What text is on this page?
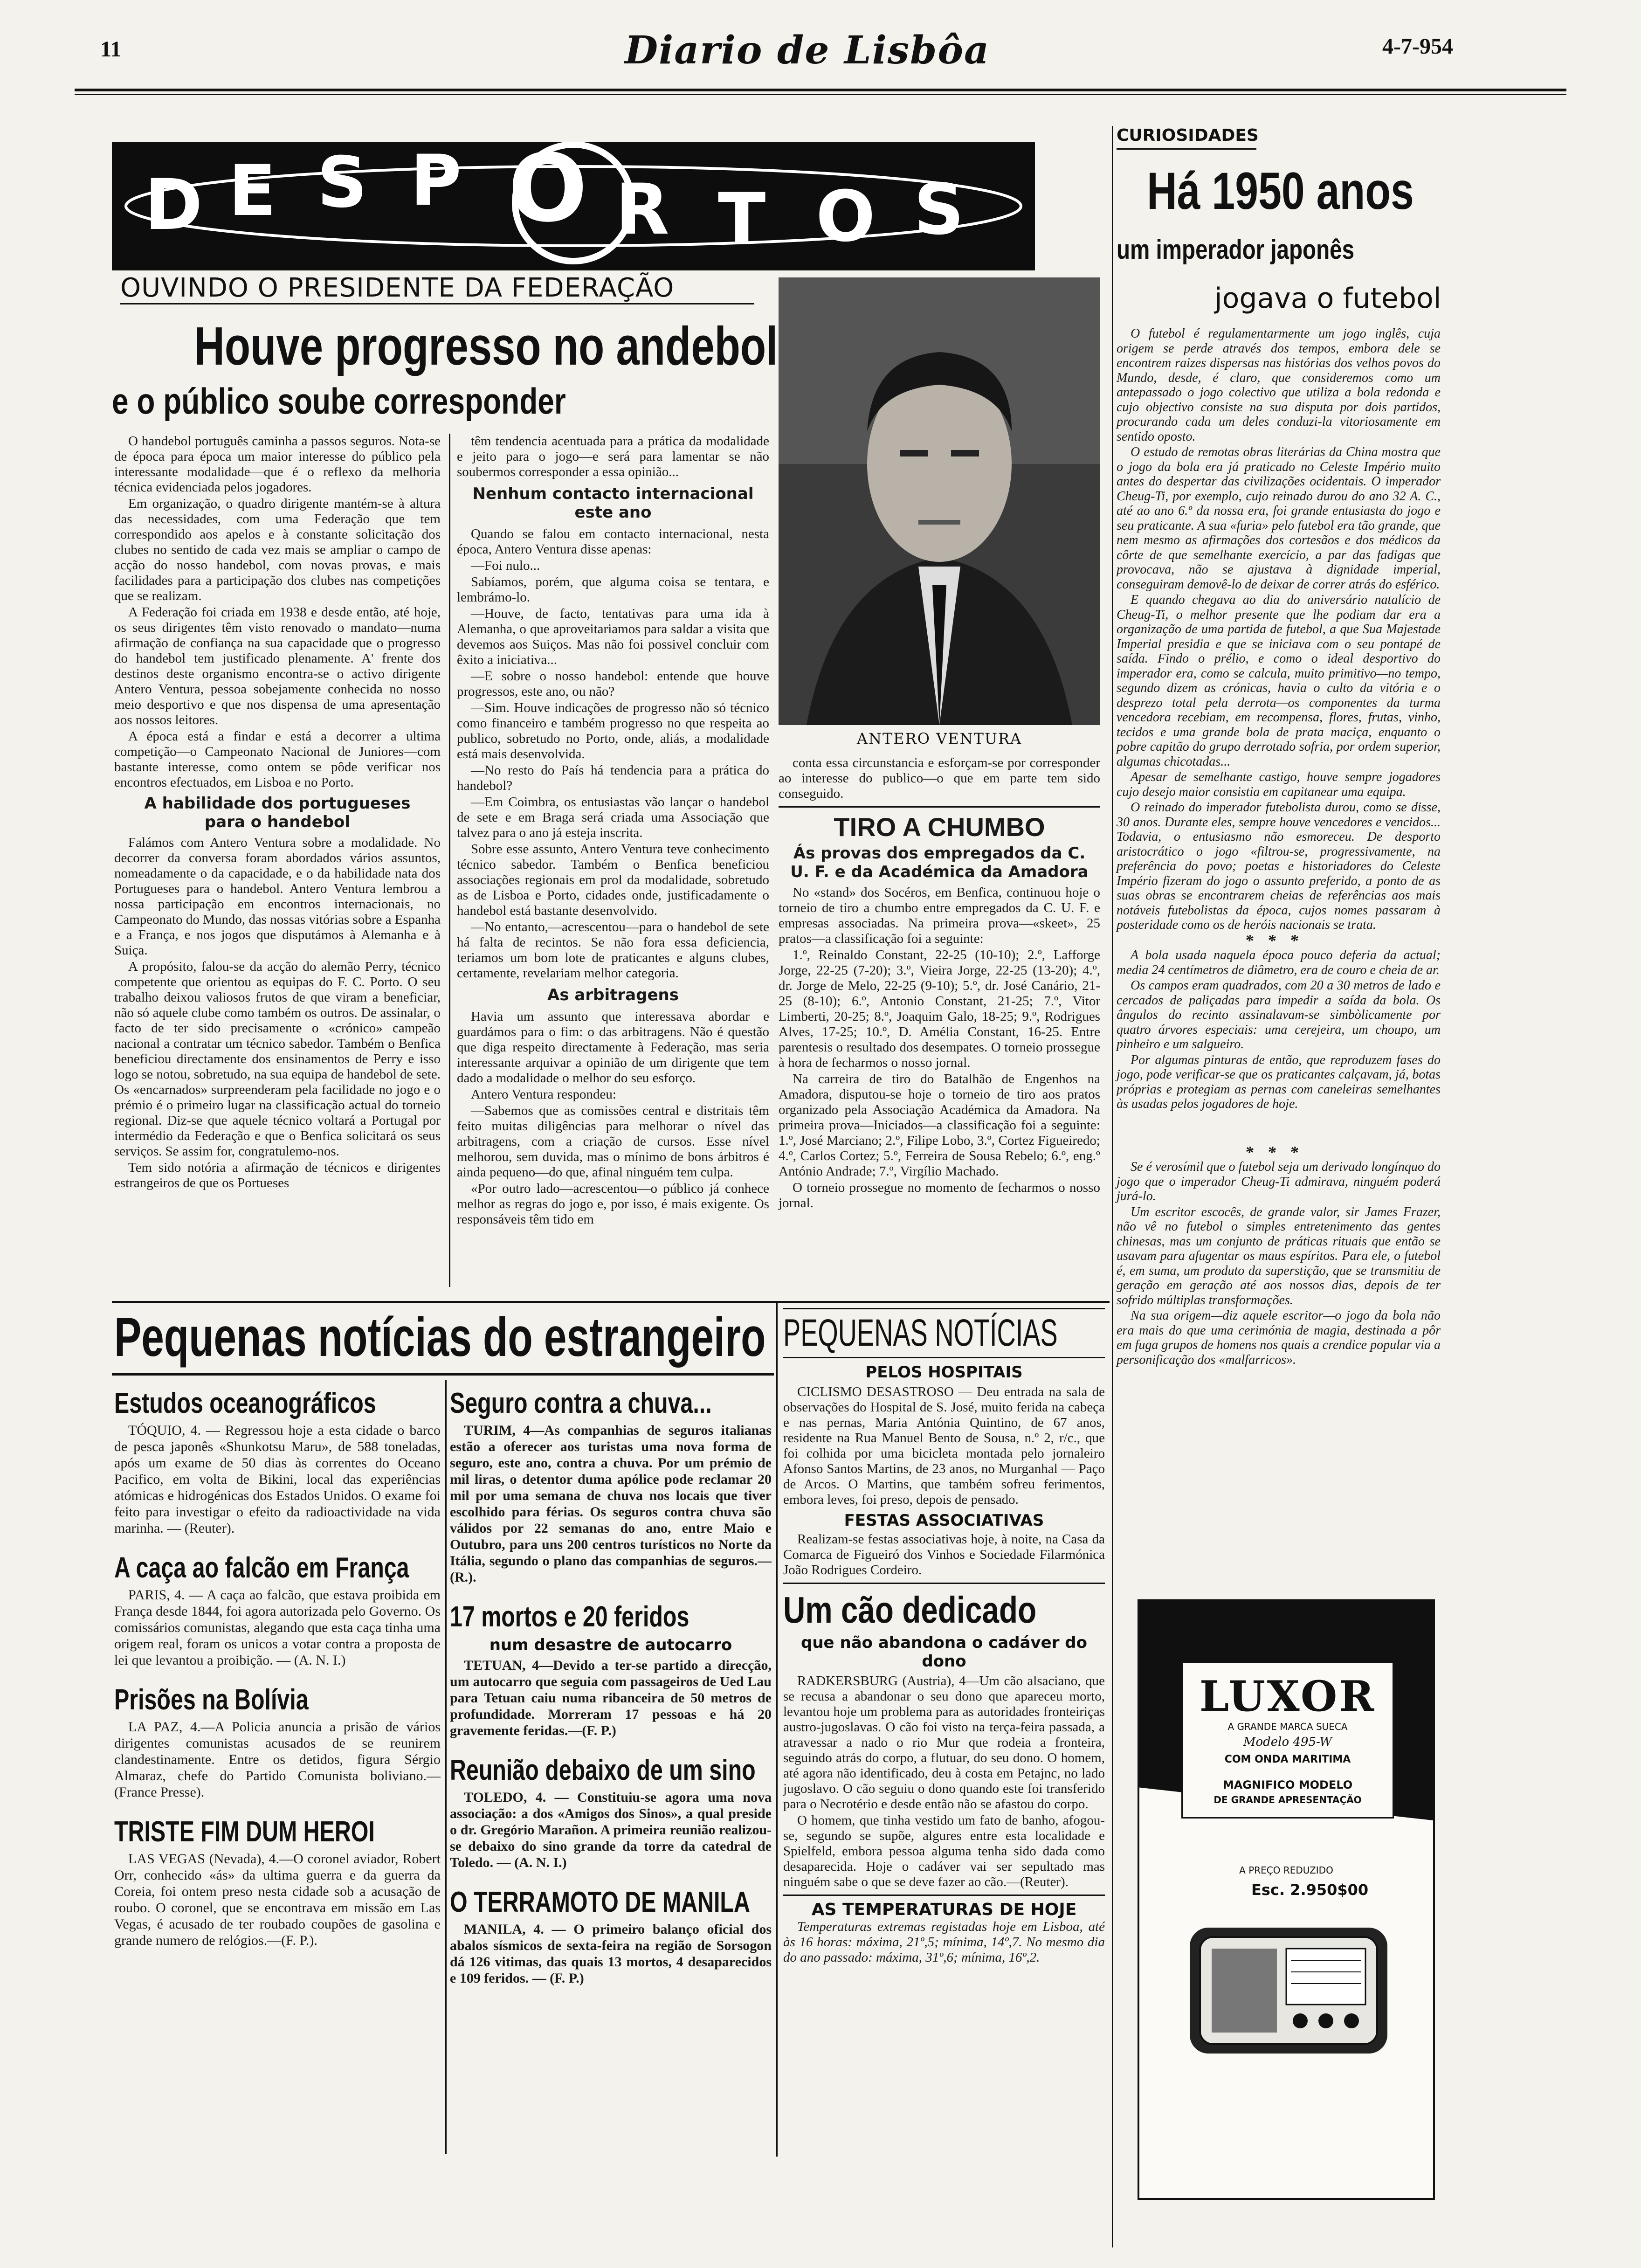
11	Diario de Lisbôa	4-7-954
D E S P O R T O S
OUVINDO O PRESIDENTE DA FEDERAÇÃO
Houve progresso no andebol
e o público soube corresponder

O handebol português caminha a passos seguros. Nota-se de época para época um maior interesse do público pela interessante modalidade—que é o reflexo da melhoria técnica evidenciada pelos jogadores.

Em organização, o quadro dirigente mantém-se à altura das necessidades, com uma Federação que tem correspondido aos apelos e à constante solicitação dos clubes no sentido de cada vez mais se ampliar o campo de acção do nosso handebol, com novas provas, e mais facilidades para a participação dos clubes nas competições que se realizam.

A Federação foi criada em 1938 e desde então, até hoje, os seus dirigentes têm visto renovado o mandato—numa afirmação de confiança na sua capacidade que o progresso do handebol tem justificado plenamente. A' frente dos destinos deste organismo encontra-se o activo dirigente Antero Ventura, pessoa sobejamente conhecida no nosso meio desportivo e que nos dispensa de uma apresentação aos nossos leitores.

A época está a findar e está a decorrer a ultima competição—o Campeonato Nacional de Juniores—com bastante interesse, como ontem se pôde verificar nos encontros efectuados, em Lisboa e no Porto.

A habilidade dos portugueses para o handebol

Falámos com Antero Ventura sobre a modalidade. No decorrer da conversa foram abordados vários assuntos, nomeadamente o da capacidade, e o da habilidade nata dos Portugueses para o handebol. Antero Ventura lembrou a nossa participação em encontros internacionais, no Campeonato do Mundo, das nossas vitórias sobre a Espanha e a França, e nos jogos que disputámos à Alemanha e à Suiça.

A propósito, falou-se da acção do alemão Perry, técnico competente que orientou as equipas do F. C. Porto. O seu trabalho deixou valiosos frutos de que viram a beneficiar, não só aquele clube como também os outros. De assinalar, o facto de ter sido precisamente o «crónico» campeão nacional a contratar um técnico sabedor. Também o Benfica beneficiou directamente dos ensinamentos de Perry e isso logo se notou, sobretudo, na sua equipa de handebol de sete. Os «encarnados» surpreenderam pela facilidade no jogo e o prémio é o primeiro lugar na classificação actual do torneio regional. Diz-se que aquele técnico voltará a Portugal por intermédio da Federação e que o Benfica solicitará os seus serviços. Se assim for, congratulemo-nos.

Tem sido notória a afirmação de técnicos e dirigentes estrangeiros de que os Portueses

têm tendencia acentuada para a prática da modalidade e jeito para o jogo—e será para lamentar se não soubermos corresponder a essa opinião...

Nenhum contacto internacional este ano

Quando se falou em contacto internacional, nesta época, Antero Ventura disse apenas:

—Foi nulo...

Sabíamos, porém, que alguma coisa se tentara, e lembrámo-lo.

—Houve, de facto, tentativas para uma ida à Alemanha, o que aproveitariamos para saldar a visita que devemos aos Suiços. Mas não foi possivel concluir com êxito a iniciativa...

—E sobre o nosso handebol: entende que houve progressos, este ano, ou não?

—Sim. Houve indicações de progresso não só técnico como financeiro e também progresso no que respeita ao publico, sobretudo no Porto, onde, aliás, a modalidade está mais desenvolvida.

—No resto do País há tendencia para a prática do handebol?

—Em Coimbra, os entusiastas vão lançar o handebol de sete e em Braga será criada uma Associação que talvez para o ano já esteja inscrita.

Sobre esse assunto, Antero Ventura teve conhecimento técnico sabedor. Também o Benfica beneficiou associações regionais em prol da modalidade, sobretudo as de Lisboa e Porto, cidades onde, justificadamente o handebol está bastante desenvolvido.

—No entanto,—acrescentou—para o handebol de sete há falta de recintos. Se não fora essa deficiencia, teriamos um bom lote de praticantes e alguns clubes, certamente, revelariam melhor categoria.

As arbitragens

Havia um assunto que interessava abordar e guardámos para o fim: o das arbitragens. Não é questão que diga respeito directamente à Federação, mas seria interessante arquivar a opinião de um dirigente que tem dado a modalidade o melhor do seu esforço.

Antero Ventura respondeu:

—Sabemos que as comissões central e distritais têm feito muitas diligências para melhorar o nível das arbitragens, com a criação de cursos. Esse nível melhorou, sem duvida, mas o mínimo de bons árbitros é ainda pequeno—do que, afinal ninguém tem culpa.

«Por outro lado—acrescentou—o público já conhece melhor as regras do jogo e, por isso, é mais exigente. Os responsáveis têm tido em

ANTERO VENTURA

conta essa circunstancia e esforçam-se por corresponder ao interesse do publico—o que em parte tem sido conseguido.

TIRO A CHUMBO
Ás provas dos empregados da C. U. F. e da Académica da Amadora

No «stand» dos Socéros, em Benfica, continuou hoje o torneio de tiro a chumbo entre empregados da C. U. F. e empresas associadas. Na primeira prova—«skeet», 25 pratos—a classificação foi a seguinte:

1.º, Reinaldo Constant, 22-25 (10-10); 2.º, Lafforge Jorge, 22-25 (7-20); 3.º, Vieira Jorge, 22-25 (13-20); 4.º, dr. Jorge de Melo, 22-25 (9-10); 5.º, dr. José Canário, 21-25 (8-10); 6.º, Antonio Constant, 21-25; 7.º, Vitor Limberti, 20-25; 8.º, Joaquim Galo, 18-25; 9.º, Rodrigues Alves, 17-25; 10.º, D. Amélia Constant, 16-25. Entre parentesis o resultado dos desempates. O torneio prossegue à hora de fecharmos o nosso jornal.

Na carreira de tiro do Batalhão de Engenhos na Amadora, disputou-se hoje o torneio de tiro aos pratos organizado pela Associação Académica da Amadora. Na primeira prova—Iniciados—a classificação foi a seguinte: 1.º, José Marciano; 2.º, Filipe Lobo, 3.º, Cortez Figueiredo; 4.º, Carlos Cortez; 5.º, Ferreira de Sousa Rebelo; 6.º, eng.º António Andrade; 7.º, Virgílio Machado.

O torneio prossegue no momento de fecharmos o nosso jornal.

CURIOSIDADES
Há 1950 anos
um imperador japonês
jogava o futebol

O futebol é regulamentarmente um jogo inglês, cuja origem se perde através dos tempos, embora dele se encontrem raizes dispersas nas histórias dos velhos povos do Mundo, desde, é claro, que consideremos como um antepassado o jogo colectivo que utiliza a bola redonda e cujo objectivo consiste na sua disputa por dois partidos, procurando cada um deles conduzi-la vitoriosamente em sentido oposto.

O estudo de remotas obras literárias da China mostra que o jogo da bola era já praticado no Celeste Império muito antes do despertar das civilizações ocidentais. O imperador Cheug-Ti, por exemplo, cujo reinado durou do ano 32 A. C., até ao ano 6.º da nossa era, foi grande entusiasta do jogo e seu praticante. A sua «furia» pelo futebol era tão grande, que nem mesmo as afirmações dos cortesãos e dos médicos da côrte de que semelhante exercício, a par das fadigas que provocava, não se ajustava à dignidade imperial, conseguiram demovê-lo de deixar de correr atrás do esférico.

E quando chegava ao dia do aniversário natalício de Cheug-Ti, o melhor presente que lhe podiam dar era a organização de uma partida de futebol, a que Sua Majestade Imperial presidia e que se iniciava com o seu pontapé de saída. Findo o prélio, e como o ideal desportivo do imperador era, como se calcula, muito primitivo—no tempo, segundo dizem as crónicas, havia o culto da vitória e o desprezo total pela derrota—os componentes da turma vencedora recebiam, em recompensa, flores, frutas, vinho, tecidos e uma grande bola de prata maciça, enquanto o pobre capitão do grupo derrotado sofria, por ordem superior, algumas chicotadas...

Apesar de semelhante castigo, houve sempre jogadores cujo desejo maior consistia em capitanear uma equipa.

O reinado do imperador futebolista durou, como se disse, 30 anos. Durante eles, sempre houve vencedores e vencidos... Todavia, o entusiasmo não esmoreceu. De desporto aristocrático o jogo «filtrou-se, progressivamente, na preferência do povo; poetas e historiadores do Celeste Império fizeram do jogo o assunto preferido, a ponto de as suas obras se encontrarem cheias de referências aos mais notáveis futebolistas da época, cujos nomes passaram à posteridade como os de heróis nacionais se trata.

***

A bola usada naquela época pouco deferia da actual; media 24 centímetros de diâmetro, era de couro e cheia de ar.

Os campos eram quadrados, com 20 a 30 metros de lado e cercados de paliçadas para impedir a saída da bola. Os ângulos do recinto assinalavam-se simbòlicamente por quatro árvores especiais: uma cerejeira, um choupo, um pinheiro e um salgueiro.

Por algumas pinturas de então, que reproduzem fases do jogo, pode verificar-se que os praticantes calçavam, já, botas próprias e protegiam as pernas com caneleiras semelhantes às usadas pelos jogadores de hoje.

***

Se é verosímil que o futebol seja um derivado longínquo do jogo que o imperador Cheug-Ti admirava, ninguém poderá jurá-lo.

Um escritor escocês, de grande valor, sir James Frazer, não vê no futebol o simples entretenimento das gentes chinesas, mas um conjunto de práticas rituais que então se usavam para afugentar os maus espíritos. Para ele, o futebol é, em suma, um produto da superstição, que se transmitiu de geração em geração até aos nossos dias, depois de ter sofrido múltiplas transformações.

Na sua origem—diz aquele escritor—o jogo da bola não era mais do que uma cerimónia de magia, destinada a pôr em fuga grupos de homens nos quais a crendice popular via a personificação dos «malfarricos».

LUXOR
A GRANDE MARCA SUECA
Modelo 495-W
COM ONDA MARITIMA
MAGNIFICO MODELO
DE GRANDE APRESENTAÇÃO
A PREÇO REDUZIDO
Esc. 2.950$00
Pequenas notícias do estrangeiro
Estudos oceanográficos

TÓQUIO, 4. — Regressou hoje a esta cidade o barco de pesca japonês «Shunkotsu Maru», de 588 toneladas, após um exame de 50 dias às correntes do Oceano Pacifico, em volta de Bikini, local das experiências atómicas e hidrogénicas dos Estados Unidos. O exame foi feito para investigar o efeito da radioactividade na vida marinha. — (Reuter).

A caça ao falcão em França

PARIS, 4. — A caça ao falcão, que estava proibida em França desde 1844, foi agora autorizada pelo Governo. Os comissários comunistas, alegando que esta caça tinha uma origem real, foram os unicos a votar contra a proposta de lei que levantou a proibição. — (A. N. I.)

Prisões na Bolívia

LA PAZ, 4.—A Policia anuncia a prisão de vários dirigentes comunistas acusados de se reunirem clandestinamente. Entre os detidos, figura Sérgio Almaraz, chefe do Partido Comunista boliviano.—(France Presse).

TRISTE FIM DUM HEROI

LAS VEGAS (Nevada), 4.—O coronel aviador, Robert Orr, conhecido «ás» da ultima guerra e da guerra da Coreia, foi ontem preso nesta cidade sob a acusação de roubo. O coronel, que se encontrava em missão em Las Vegas, é acusado de ter roubado coupões de gasolina e grande numero de relógios.—(F. P.).

Seguro contra a chuva...

TURIM, 4—As companhias de seguros italianas estão a oferecer aos turistas uma nova forma de seguro, este ano, contra a chuva. Por um prémio de mil liras, o detentor duma apólice pode reclamar 20 mil por uma semana de chuva nos locais que tiver escolhido para férias. Os seguros contra chuva são válidos por 22 semanas do ano, entre Maio e Outubro, para uns 200 centros turísticos no Norte da Itália, segundo o plano das companhias de seguros.—(R.).

17 mortos e 20 feridos
num desastre de autocarro

TETUAN, 4—Devido a ter-se partido a direcção, um autocarro que seguia com passageiros de Ued Lau para Tetuan caiu numa ribanceira de 50 metros de profundidade. Morreram 17 pessoas e há 20 gravemente feridas.—(F. P.)

Reunião debaixo de um sino

TOLEDO, 4. — Constituiu-se agora uma nova associação: a dos «Amigos dos Sinos», a qual preside o dr. Gregório Marañon. A primeira reunião realizou-se debaixo do sino grande da torre da catedral de Toledo. — (A. N. I.)

O TERRAMOTO DE MANILA

MANILA, 4. — O primeiro balanço oficial dos abalos sísmicos de sexta-feira na região de Sorsogon dá 126 vitimas, das quais 13 mortos, 4 desaparecidos e 109 feridos. — (F. P.)

PEQUENAS NOTÍCIAS
PELOS HOSPITAIS

CICLISMO DESASTROSO — Deu entrada na sala de observações do Hospital de S. José, muito ferida na cabeça e nas pernas, Maria Antónia Quintino, de 67 anos, residente na Rua Manuel Bento de Sousa, n.º 2, r/c., que foi colhida por uma bicicleta montada pelo jornaleiro Afonso Santos Martins, de 23 anos, no Murganhal — Paço de Arcos. O Martins, que também sofreu ferimentos, embora leves, foi preso, depois de pensado.

FESTAS ASSOCIATIVAS

Realizam-se festas associativas hoje, à noite, na Casa da Comarca de Figueiró dos Vinhos e Sociedade Filarmónica João Rodrigues Cordeiro.

Um cão dedicado
que não abandona o cadáver do dono

RADKERSBURG (Austria), 4—Um cão alsaciano, que se recusa a abandonar o seu dono que apareceu morto, levantou hoje um problema para as autoridades fronteiriças austro-jugoslavas. O cão foi visto na terça-feira passada, a atravessar a nado o rio Mur que rodeia a fronteira, seguindo atrás do corpo, a flutuar, do seu dono. O homem, até agora não identificado, deu à costa em Petajnc, no lado jugoslavo. O cão seguiu o dono quando este foi transferido para o Necrotério e desde então não se afastou do corpo.

O homem, que tinha vestido um fato de banho, afogou-se, segundo se supõe, algures entre esta localidade e Spielfeld, embora pessoa alguma tenha sido dada como desaparecida. Hoje o cadáver vai ser sepultado mas ninguém sabe o que se deve fazer ao cão.—(Reuter).

AS TEMPERATURAS DE HOJE

Temperaturas extremas registadas hoje em Lisboa, até às 16 horas: máxima, 21º,5; mínima, 14º,7. No mesmo dia do ano passado: máxima, 31º,6; mínima, 16º,2.
